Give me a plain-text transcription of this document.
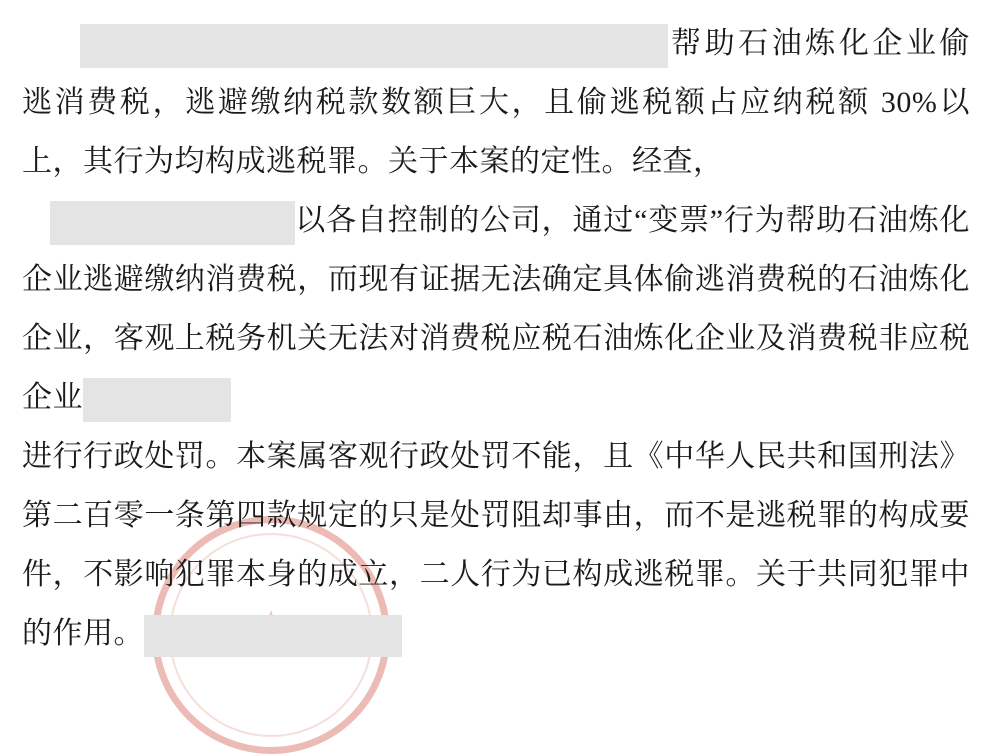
帮助石油炼化企业偷逃消费税，逃避缴纳税款数额巨大，且偷逃税额占应纳税额 30%以上，其行为均构成逃税罪。关于本案的定性。经查，

以各自控制的公司，通过“变票”行为帮助石油炼化企业逃避缴纳消费税，而现有证据无法确定具体偷逃消费税的石油炼化企业，客观上税务机关无法对消费税应税石油炼化企业及消费税非应税企业

进行行政处罚。本案属客观行政处罚不能，且《中华人民共和国刑法》第二百零一条第四款规定的只是处罚阻却事由，而不是逃税罪的构成要件，不影响犯罪本身的成立，二人行为已构成逃税罪。关于共同犯罪中的作用。
